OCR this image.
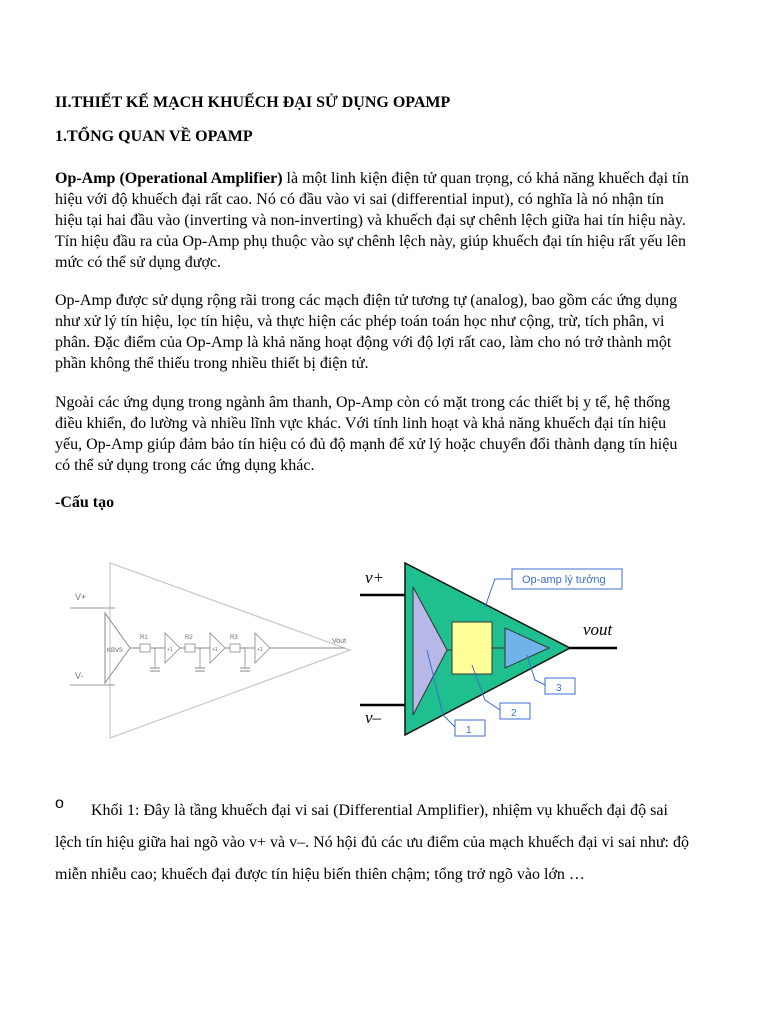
II.THIẾT KẾ MẠCH KHUẾCH ĐẠI SỬ DỤNG OPAMP

1.TỔNG QUAN VỀ OPAMP

Op-Amp (Operational Amplifier) là một linh kiện điện tử quan trọng, có khả năng khuếch đại tín hiệu với độ khuếch đại rất cao. Nó có đầu vào vi sai (differential input), có nghĩa là nó nhận tín hiệu tại hai đầu vào (inverting và non-inverting) và khuếch đại sự chênh lệch giữa hai tín hiệu này. Tín hiệu đầu ra của Op-Amp phụ thuộc vào sự chênh lệch này, giúp khuếch đại tín hiệu rất yếu lên mức có thể sử dụng được.

Op-Amp được sử dụng rộng rãi trong các mạch điện tử tương tự (analog), bao gồm các ứng dụng như xử lý tín hiệu, lọc tín hiệu, và thực hiện các phép toán toán học như cộng, trừ, tích phân, vi phân. Đặc điểm của Op-Amp là khả năng hoạt động với độ lợi rất cao, làm cho nó trở thành một phần không thể thiếu trong nhiều thiết bị điện tử.

Ngoài các ứng dụng trong ngành âm thanh, Op-Amp còn có mặt trong các thiết bị y tế, hệ thống điều khiển, đo lường và nhiều lĩnh vực khác. Với tính linh hoạt và khả năng khuếch đại tín hiệu yếu, Op-Amp giúp đảm bảo tín hiệu có đủ độ mạnh để xử lý hoặc chuyển đổi thành dạng tín hiệu có thể sử dụng trong các ứng dụng khác.

-Cấu tạo

V+
V-
KBVS
R1
+1
R2
+1
R3
+1
Vout
v+
v–
vout
Op-amp lý tưởng
1
2
3
o	Khối 1: Đây là tầng khuếch đại vi sai (Differential Amplifier), nhiệm vụ khuếch đại độ sai lệch tín hiệu giữa hai ngõ vào v+ và v–. Nó hội đủ các ưu điểm của mạch khuếch đại vi sai như: độ miễn nhiễu cao; khuếch đại được tín hiệu biến thiên chậm; tổng trở ngõ vào lớn …
